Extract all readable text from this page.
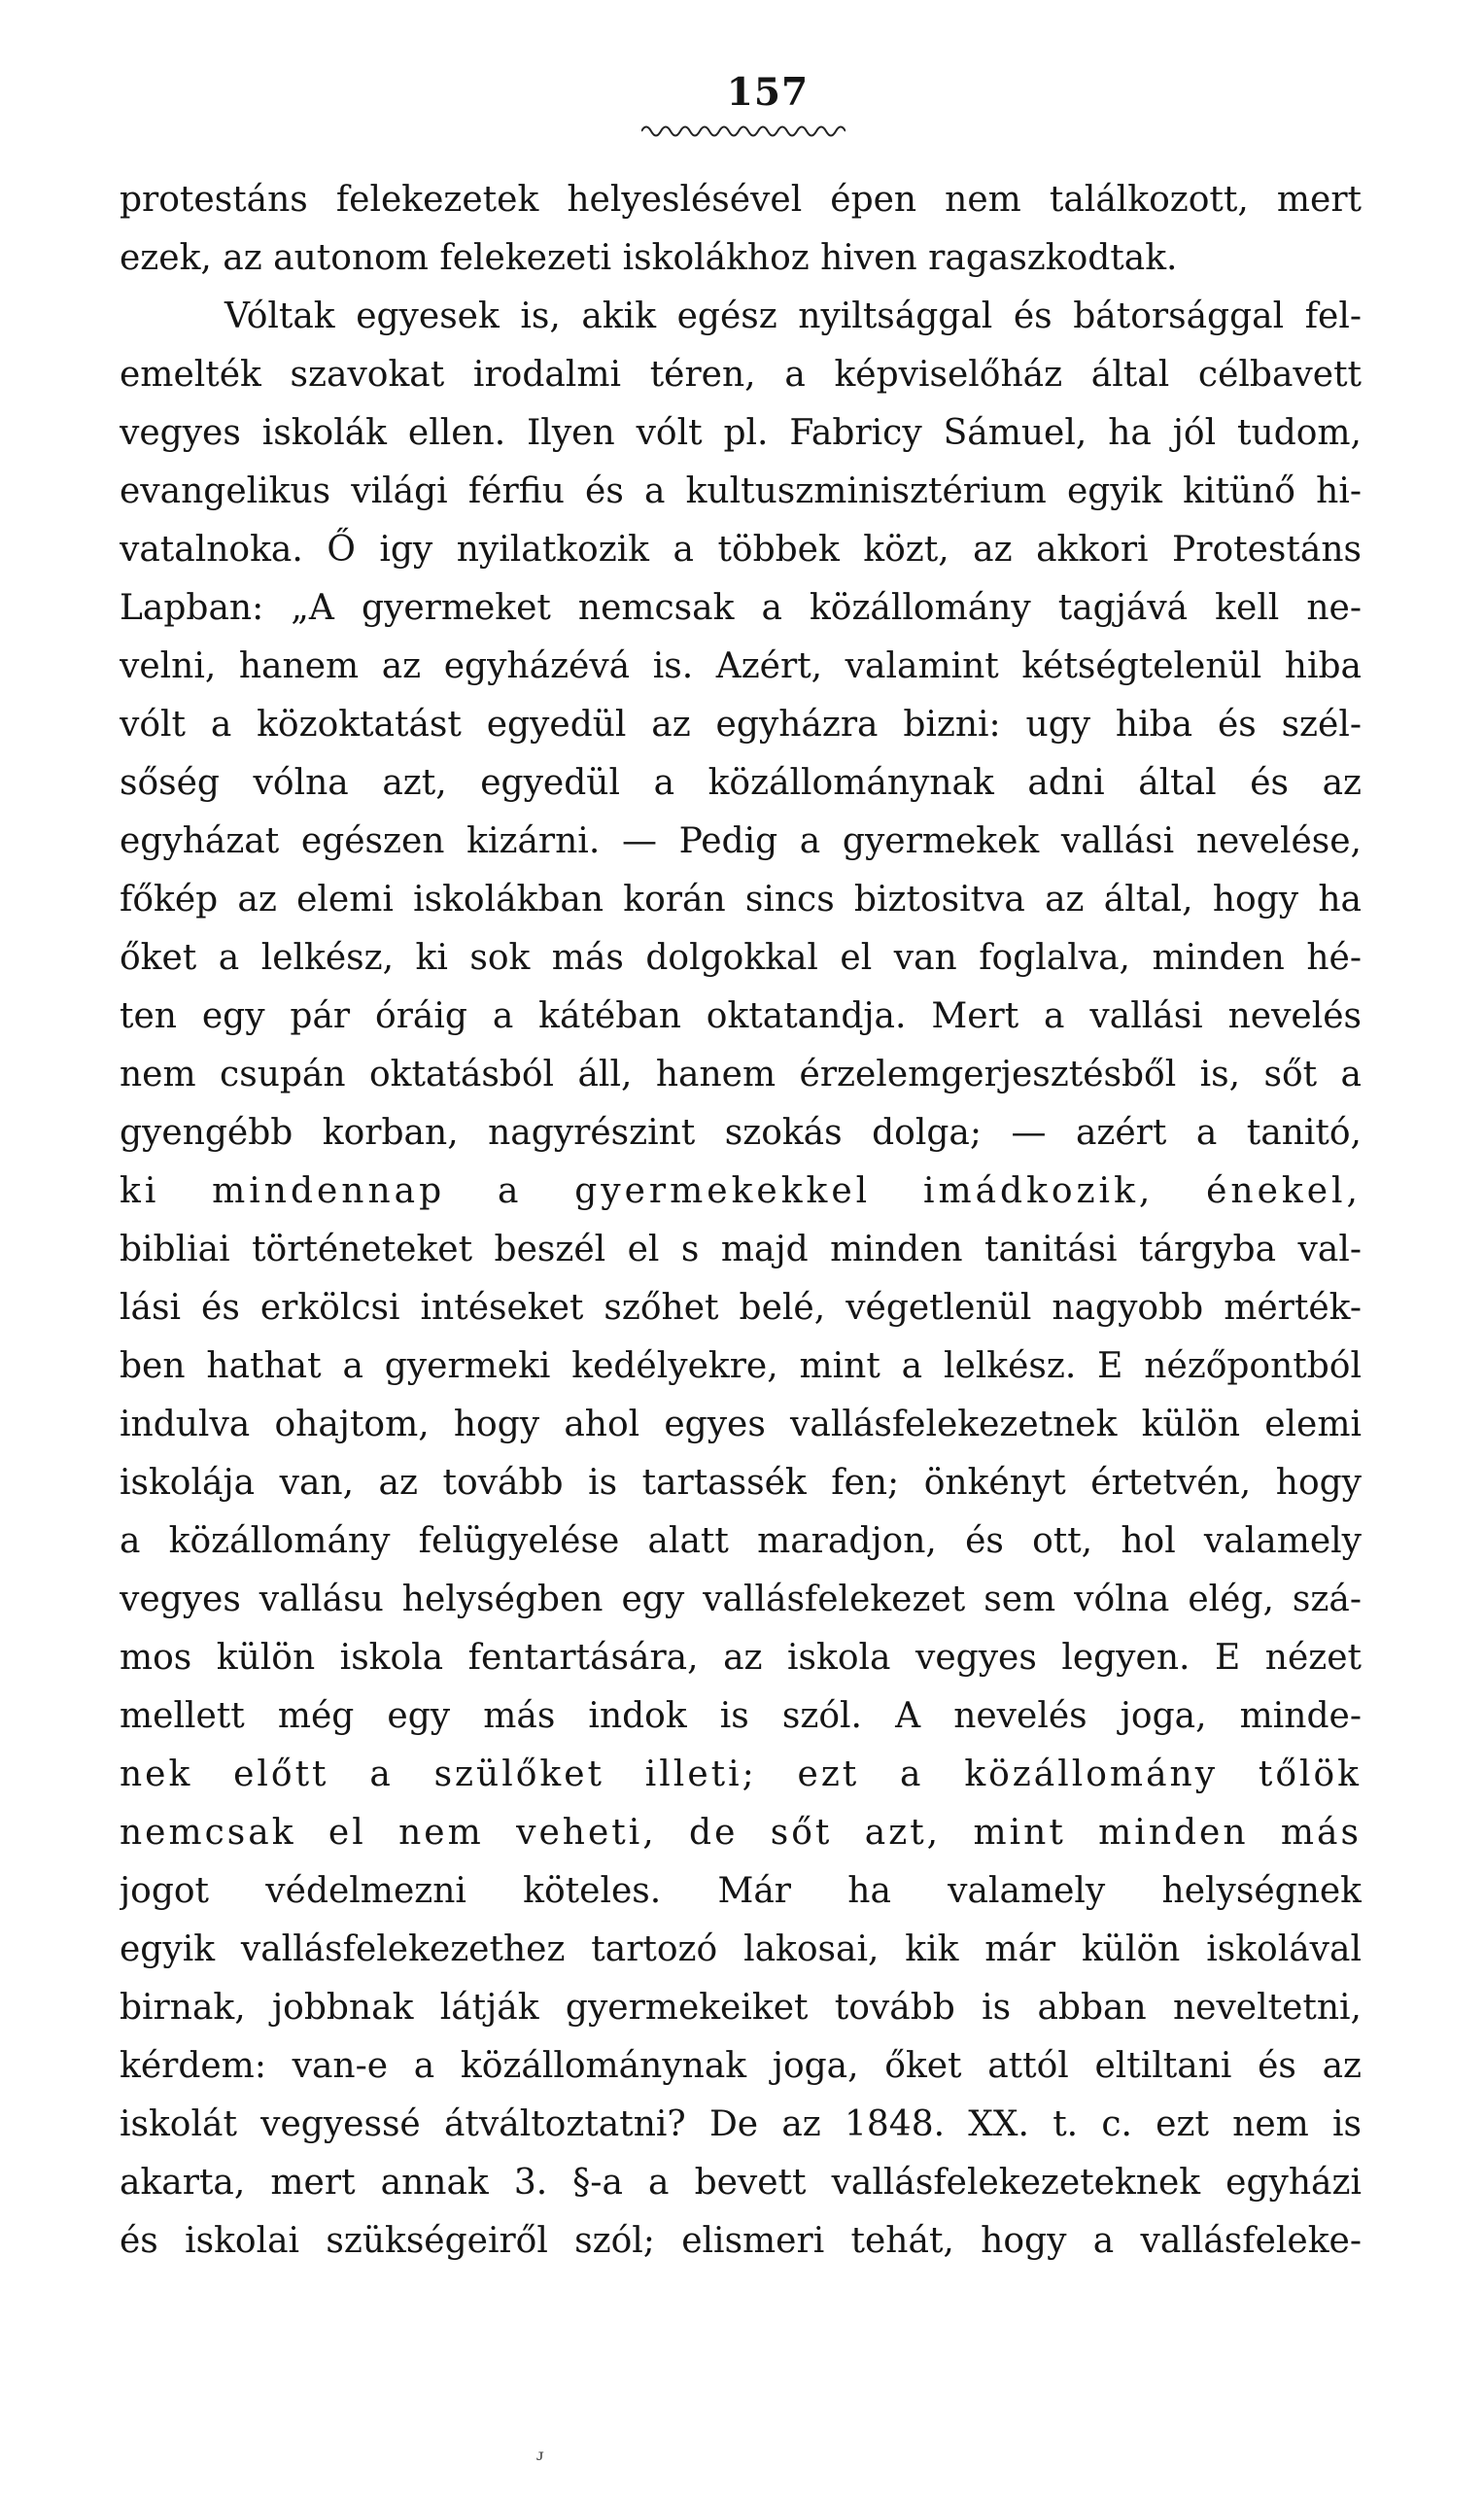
157
protestáns felekezetek helyeslésével épen nem találkozott, mert
ezek, az autonom felekezeti iskolákhoz hiven ragaszkodtak.
Vóltak egyesek is, akik egész nyiltsággal és bátorsággal fel-
emelték szavokat irodalmi téren, a képviselőház által célbavett
vegyes iskolák ellen. Ilyen vólt pl. Fabricy Sámuel, ha jól tudom,
evangelikus világi férfiu és a kultuszminisztérium egyik kitünő hi-
vatalnoka. Ő igy nyilatkozik a többek közt, az akkori Protestáns
Lapban: „A gyermeket nemcsak a közállomány tagjává kell ne-
velni, hanem az egyházévá is. Azért, valamint kétségtelenül hiba
vólt a közoktatást egyedül az egyházra bizni: ugy hiba és szél-
sőség vólna azt, egyedül a közállománynak adni által és az
egyházat egészen kizárni. — Pedig a gyermekek vallási nevelése,
főkép az elemi iskolákban korán sincs biztositva az által, hogy ha
őket a lelkész, ki sok más dolgokkal el van foglalva, minden hé-
ten egy pár óráig a kátéban oktatandja. Mert a vallási nevelés
nem csupán oktatásból áll, hanem érzelemgerjesztésből is, sőt a
gyengébb korban, nagyrészint szokás dolga; — azért a tanitó,
ki mindennap a gyermekekkel imádkozik, énekel,
bibliai történeteket beszél el s majd minden tanitási tárgyba val-
lási és erkölcsi intéseket szőhet belé, végetlenül nagyobb mérték-
ben hathat a gyermeki kedélyekre, mint a lelkész. E nézőpontból
indulva ohajtom, hogy ahol egyes vallásfelekezetnek külön elemi
iskolája van, az tovább is tartassék fen; önkényt értetvén, hogy
a közállomány felügyelése alatt maradjon, és ott, hol valamely
vegyes vallásu helységben egy vallásfelekezet sem vólna elég, szá-
mos külön iskola fentartására, az iskola vegyes legyen. E nézet
mellett még egy más indok is szól. A nevelés joga, minde-
nek előtt a szülőket illeti; ezt a közállomány tőlök
nemcsak el nem veheti, de sőt azt, mint minden más
jogot védelmezni köteles. Már ha valamely helységnek
egyik vallásfelekezethez tartozó lakosai, kik már külön iskolával
birnak, jobbnak látják gyermekeiket tovább is abban neveltetni,
kérdem: van-e a közállománynak joga, őket attól eltiltani és az
iskolát vegyessé átváltoztatni? De az 1848. XX. t. c. ezt nem is
akarta, mert annak 3. §-a a bevett vallásfelekezeteknek egyházi
és iskolai szükségeiről szól; elismeri tehát, hogy a vallásfeleke-
ᴊ
